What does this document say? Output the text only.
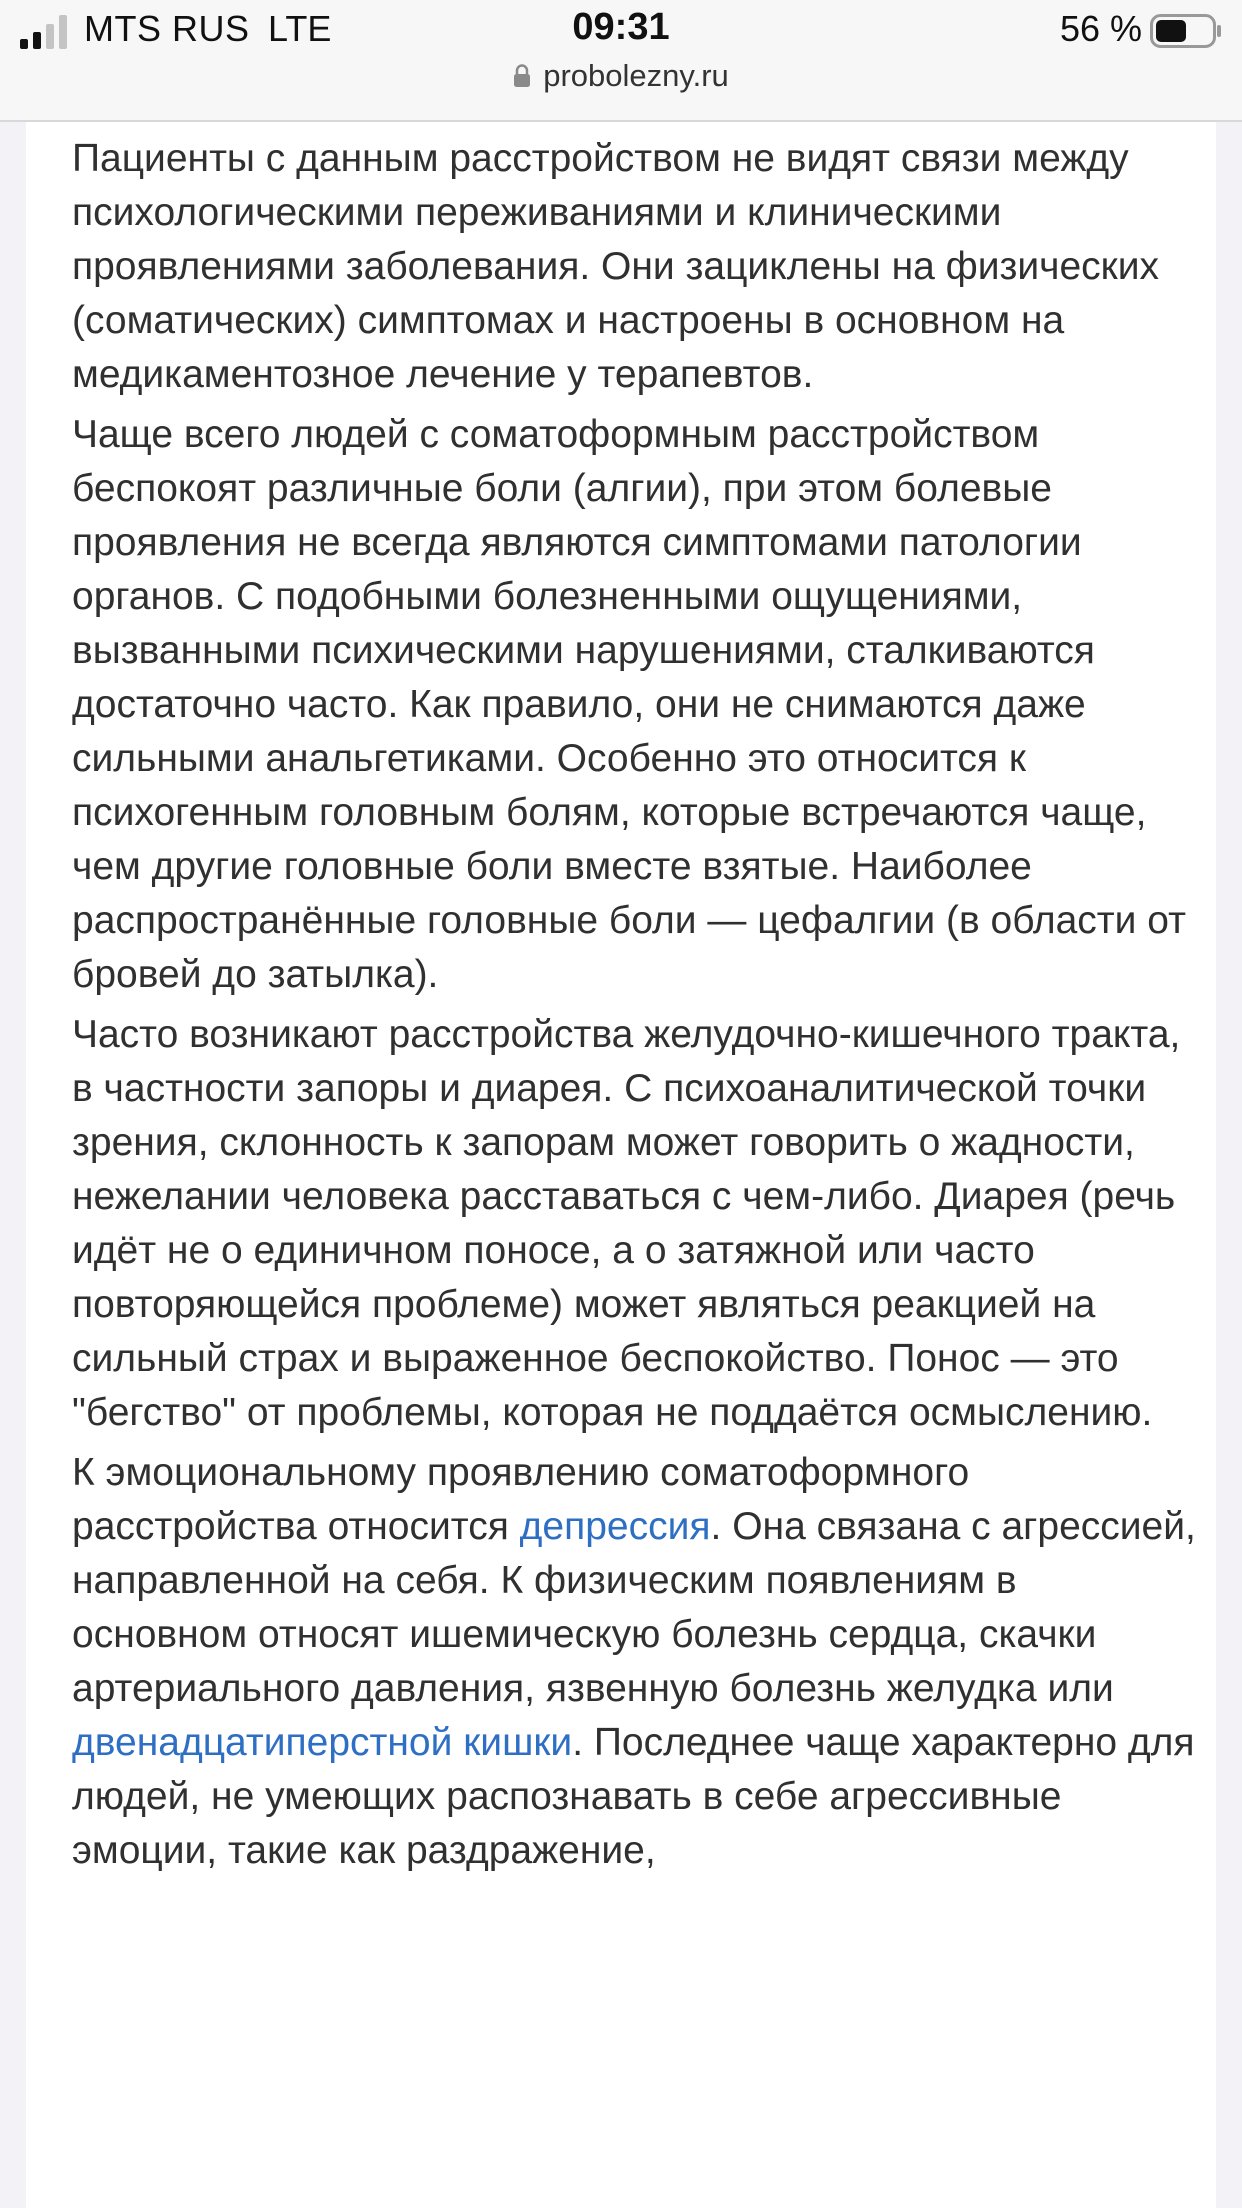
MTS RUS LTE	09:31	56 %
probolezny.ru

Пациенты с данным расстройством не видят связи между психологическими переживаниями и клиническими проявлениями заболевания. Они зациклены на физических (соматических) симптомах и настроены в основном на медикаментозное лечение у терапевтов.

Чаще всего людей с соматоформным расстройством беспокоят различные боли (алгии), при этом болевые проявления не всегда являются симптомами патологии органов. С подобными болезненными ощущениями, вызванными психическими нарушениями, сталкиваются достаточно часто. Как правило, они не снимаются даже сильными анальгетиками. Особенно это относится к психогенным головным болям, которые встречаются чаще, чем другие головные боли вместе взятые. Наиболее распространённые головные боли — цефалгии (в области от бровей до затылка).

Часто возникают расстройства желудочно-кишечного тракта, в частности запоры и диарея. С психоаналитической точки зрения, склонность к запорам может говорить о жадности, нежелании человека расставаться с чем-либо. Диарея (речь идёт не о единичном поносе, а о затяжной или часто повторяющейся проблеме) может являться реакцией на сильный страх и выраженное беспокойство. Понос — это "бегство" от проблемы, которая не поддаётся осмыслению.

К эмоциональному проявлению соматоформного расстройства относится депрессия. Она связана с агрессией, направленной на себя. К физическим появлениям в основном относят ишемическую болезнь сердца, скачки артериального давления, язвенную болезнь желудка или двенадцатиперстной кишки. Последнее чаще характерно для людей, не умеющих распознавать в себе агрессивные эмоции, такие как раздражение,
